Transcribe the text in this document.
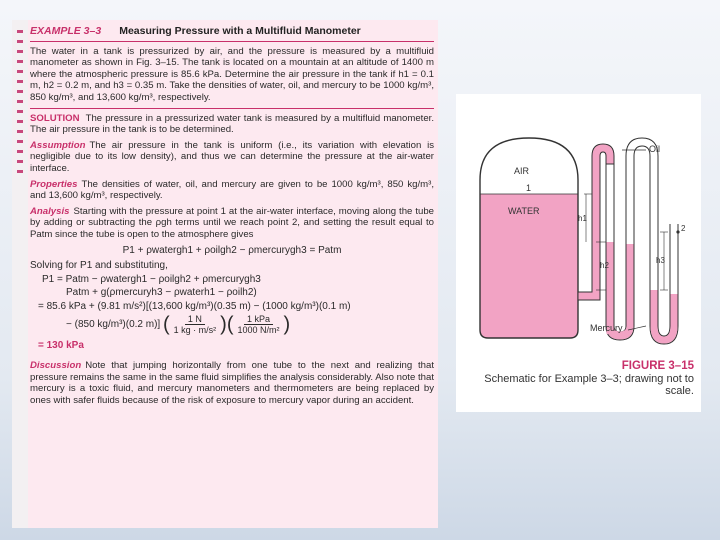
EXAMPLE 3–3 Measuring Pressure with a Multifluid Manometer

The water in a tank is pressurized by air, and the pressure is measured by a multifluid manometer as shown in Fig. 3–15. The tank is located on a mountain at an altitude of 1400 m where the atmospheric pressure is 85.6 kPa. Determine the air pressure in the tank if h1 = 0.1 m, h2 = 0.2 m, and h3 = 0.35 m. Take the densities of water, oil, and mercury to be 1000 kg/m³, 850 kg/m³, and 13,600 kg/m³, respectively.

SOLUTION The pressure in a pressurized water tank is measured by a multifluid manometer. The air pressure in the tank is to be determined.

Assumption The air pressure in the tank is uniform (i.e., its variation with elevation is negligible due to its low density), and thus we can determine the pressure at the air-water interface.

Properties The densities of water, oil, and mercury are given to be 1000 kg/m³, 850 kg/m³, and 13,600 kg/m³, respectively.

Analysis Starting with the pressure at point 1 at the air-water interface, moving along the tube by adding or subtracting the ρgh terms until we reach point 2, and setting the result equal to Patm since the tube is open to the atmosphere gives

P1 + ρwatergh1 + ρoilgh2 − ρmercurygh3 = Patm
Solving for P1 and substituting,
P1 = Patm − ρwatergh1 − ρoilgh2 + ρmercurygh3
Patm + g(ρmercuryh3 − ρwaterh1 − ρoilh2)
= 85.6 kPa + (9.81 m/s²)[(13,600 kg/m³)(0.35 m) − (1000 kg/m³)(0.1 m)
− (850 kg/m³)(0.2 m)] ( $\frac{1 N}{\text{1 kg · m/s²}}$ )( $\frac{\text{1 kPa}}{\text{1000 N/m²}}$ )
= 130 kPa

Discussion Note that jumping horizontally from one tube to the next and realizing that pressure remains the same in the same fluid simplifies the analysis considerably. Also note that mercury is a toxic fluid, and mercury manometers and thermometers are being replaced by ones with safer fluids because of the risk of exposure to mercury vapor during an accident.

Oil
AIR
1
WATER
h1
h2
h3
2
Mercury
FIGURE 3–15
Schematic for Example 3–3; drawing not to scale.
